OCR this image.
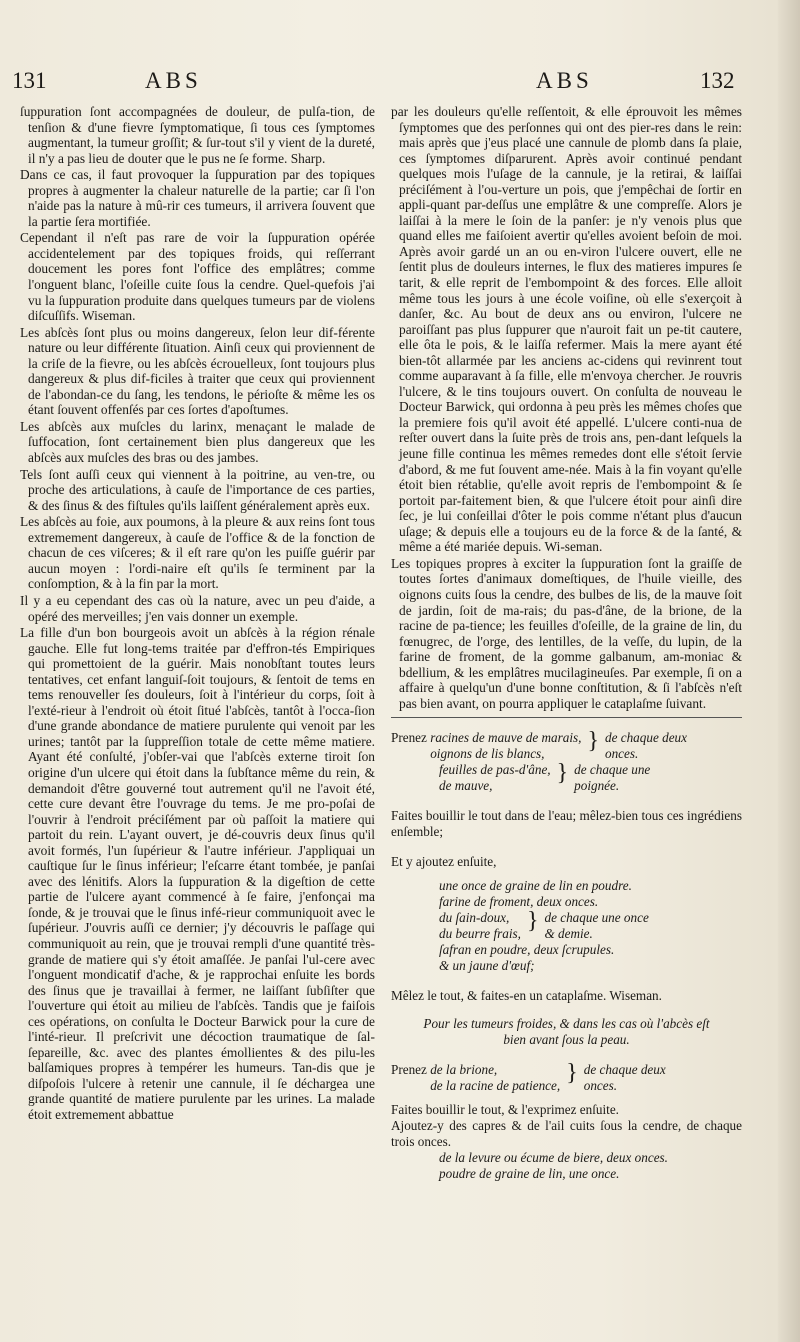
131	ABS	ABS	132

ſuppuration ſont accompagnées de douleur, de pulſa-tion, de tenſion & d'une fievre ſymptomatique, ſi tous ces ſymptomes augmentant, la tumeur groſſit; & ſur-tout s'il y vient de la dureté, il n'y a pas lieu de douter que le pus ne ſe forme. Sharp.

Dans ce cas, il faut provoquer la ſuppuration par des topiques propres à augmenter la chaleur naturelle de la partie; car ſi l'on n'aide pas la nature à mû-rir ces tumeurs, il arrivera ſouvent que la partie ſera mortifiée.

Cependant il n'eſt pas rare de voir la ſuppuration opérée accidentelement par des topiques froids, qui reſſerrant doucement les pores font l'office des emplâtres; comme l'onguent blanc, l'oſeille cuite ſous la cendre. Quel-quefois j'ai vu la ſuppuration produite dans quelques tumeurs par de violens diſcuſſifs. Wiseman.

Les abſcès ſont plus ou moins dangereux, ſelon leur dif-férente nature ou leur différente ſituation. Ainſi ceux qui proviennent de la criſe de la fievre, ou les abſcès écrouelleux, ſont toujours plus dangereux & plus dif-ficiles à traiter que ceux qui proviennent de l'abondan-ce du ſang, les tendons, le périoſte & même les os étant ſouvent offenſés par ces ſortes d'apoſtumes.

Les abſcès aux muſcles du larinx, menaçant le malade de ſuffocation, ſont certainement bien plus dangereux que les abſcès aux muſcles des bras ou des jambes.

Tels ſont auſſi ceux qui viennent à la poitrine, au ven-tre, ou proche des articulations, à cauſe de l'importance de ces parties, & des ſinus & des fiſtules qu'ils laiſſent généralement après eux.

Les abſcès au foie, aux poumons, à la pleure & aux reins ſont tous extremement dangereux, à cauſe de l'office & de la fonction de chacun de ces viſceres; & il eſt rare qu'on les puiſſe guérir par aucun moyen : l'ordi-naire eſt qu'ils ſe terminent par la conſomption, & à la fin par la mort.

Il y a eu cependant des cas où la nature, avec un peu d'aide, a opéré des merveilles; j'en vais donner un exemple.

La fille d'un bon bourgeois avoit un abſcès à la région rénale gauche. Elle fut long-tems traitée par d'effron-tés Empiriques qui promettoient de la guérir. Mais nonobſtant toutes leurs tentatives, cet enfant languiſ-ſoit toujours, & ſentoit de tems en tems renouveller ſes douleurs, ſoit à l'intérieur du corps, ſoit à l'exté-rieur à l'endroit où étoit ſitué l'abſcès, tantôt à l'occa-ſion d'une grande abondance de matiere purulente qui venoit par les urines; tantôt par la ſuppreſſion totale de cette même matiere. Ayant été conſulté, j'obſer-vai que l'abſcès externe tiroit ſon origine d'un ulcere qui étoit dans la ſubſtance même du rein, & demandoit d'être gouverné tout autrement qu'il ne l'avoit été, cette cure devant être l'ouvrage du tems. Je me pro-poſai de l'ouvrir à l'endroit préciſément par où paſſoit la matiere qui partoit du rein. L'ayant ouvert, je dé-couvris deux ſinus qu'il avoit formés, l'un ſupérieur & l'autre inférieur. J'appliquai un cauſtique ſur le ſinus inférieur; l'eſcarre étant tombée, je panſai avec des lénitifs. Alors la ſuppuration & la digeſtion de cette partie de l'ulcere ayant commencé à ſe faire, j'enfonçai ma ſonde, & je trouvai que le ſinus infé-rieur communiquoit avec le ſupérieur. J'ouvris auſſi ce dernier; j'y découvris le paſſage qui communiquoit au rein, que je trouvai rempli d'une quantité très-grande de matiere qui s'y étoit amaſſée. Je panſai l'ul-cere avec l'onguent mondicatif d'ache, & je rapprochai enſuite les bords des ſinus que je travaillai à fermer, ne laiſſant ſubſiſter que l'ouverture qui étoit au milieu de l'abſcès. Tandis que je faiſois ces opérations, on conſulta le Docteur Barwick pour la cure de l'inté-rieur. Il preſcrivit une décoction traumatique de ſal-ſepareille, &c. avec des plantes émollientes & des pilu-les balſamiques propres à tempérer les humeurs. Tan-dis que je diſpoſois l'ulcere à retenir une cannule, il ſe déchargea une grande quantité de matiere purulente par les urines. La malade étoit extremement abbattue

par les douleurs qu'elle reſſentoit, & elle éprouvoit les mêmes ſymptomes que des perſonnes qui ont des pier-res dans le rein: mais après que j'eus placé une cannule de plomb dans ſa plaie, ces ſymptomes diſparurent. Après avoir continué pendant quelques mois l'uſage de la cannule, je la retirai, & laiſſai préciſément à l'ou-verture un pois, que j'empêchai de ſortir en appli-quant par-deſſus une emplâtre & une compreſſe. Alors je laiſſai à la mere le ſoin de la panſer: je n'y venois plus que quand elles me faiſoient avertir qu'elles avoient beſoin de moi. Après avoir gardé un an ou en-viron l'ulcere ouvert, elle ne ſentit plus de douleurs internes, le flux des matieres impures ſe tarit, & elle reprit de l'embompoint & des forces. Elle alloit même tous les jours à une école voiſine, où elle s'exerçoit à danſer, &c. Au bout de deux ans ou environ, l'ulcere ne paroiſſant pas plus ſuppurer que n'auroit fait un pe-tit cautere, elle ôta le pois, & le laiſſa refermer. Mais la mere ayant été bien-tôt allarmée par les anciens ac-cidens qui revinrent tout comme auparavant à ſa fille, elle m'envoya chercher. Je rouvris l'ulcere, & le tins toujours ouvert. On conſulta de nouveau le Docteur Barwick, qui ordonna à peu près les mêmes choſes que la premiere fois qu'il avoit été appellé. L'ulcere conti-nua de reſter ouvert dans la ſuite près de trois ans, pen-dant leſquels la jeune fille continua les mêmes remedes dont elle s'étoit ſervie d'abord, & me fut ſouvent ame-née. Mais à la fin voyant qu'elle étoit bien rétablie, qu'elle avoit repris de l'embompoint & ſe portoit par-faitement bien, & que l'ulcere étoit pour ainſi dire ſec, je lui conſeillai d'ôter le pois comme n'étant plus d'aucun uſage; & depuis elle a toujours eu de la force & de la ſanté, & même a été mariée depuis. Wi-seman.

Les topiques propres à exciter la ſuppuration ſont la graiſſe de toutes ſortes d'animaux domeſtiques, de l'huile vieille, des oignons cuits ſous la cendre, des bulbes de lis, de la mauve ſoit de jardin, ſoit de ma-rais; du pas-d'âne, de la brione, de la racine de pa-tience; les feuilles d'oſeille, de la graine de lin, du fœnugrec, de l'orge, des lentilles, de la veſſe, du lupin, de la farine de froment, de la gomme galbanum, am-moniac & bdellium, & les emplâtres mucilagineuſes. Par exemple, ſi on a affaire à quelqu'un d'une bonne conſtitution, & ſi l'abſcès n'eſt pas bien avant, on pourra appliquer le cataplaſme ſuivant.

Prenez
racines de mauve de marais,
oignons de lis blancs,	} de chaque deux
onces.
feuilles de pas-d'âne,
de mauve,	} de chaque une
poignée.
Faites bouillir le tout dans de l'eau; mêlez-bien tous ces ingrédiens enſemble;
Et y ajoutez enſuite,
une once de graine de lin en poudre.
farine de froment, deux onces.
du ſain-doux,
du beurre frais, } de chaque une once
& demie.
ſafran en poudre, deux ſcrupules.
& un jaune d'œuf;
Mêlez le tout, & faites-en un cataplaſme. Wiseman.
Pour les tumeurs froides, & dans les cas où l'abcès eſt bien avant ſous la peau.
Prenez
de la brione,
de la racine de patience, } de chaque deux
onces.
Faites bouillir le tout, & l'exprimez enſuite.
Ajoutez-y des capres & de l'ail cuits ſous la cendre, de chaque trois onces.
de la levure ou écume de biere, deux onces.
poudre de graine de lin, une once.
